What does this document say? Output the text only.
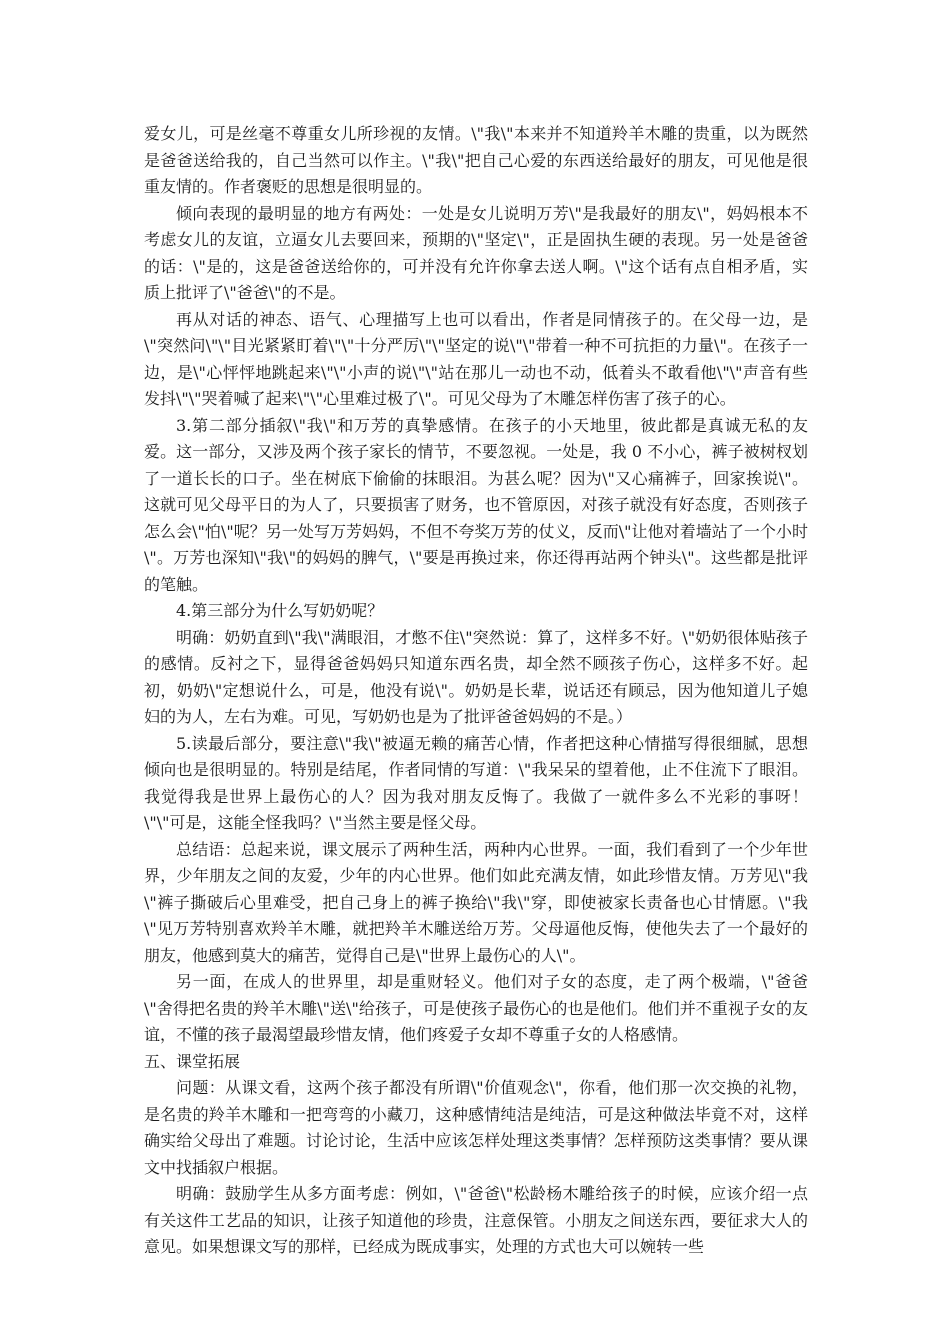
爱女儿，可是丝毫不尊重女儿所珍视的友情。\"我\"本来并不知道羚羊木雕的贵重，以为既然是爸爸送给我的，自己当然可以作主。\"我\"把自己心爱的东西送给最好的朋友，可见他是很重友情的。作者褒贬的思想是很明显的。

倾向表现的最明显的地方有两处：一处是女儿说明万芳\"是我最好的朋友\"，妈妈根本不考虑女儿的友谊，立逼女儿去要回来，预期的\"坚定\"，正是固执生硬的表现。另一处是爸爸的话：\"是的，这是爸爸送给你的，可并没有允许你拿去送人啊。\"这个话有点自相矛盾，实质上批评了\"爸爸\"的不是。

再从对话的神态、语气、心理描写上也可以看出，作者是同情孩子的。在父母一边，是\"突然问\"\"目光紧紧盯着\"\"十分严厉\"\"坚定的说\"\"带着一种不可抗拒的力量\"。在孩子一边，是\"心怦怦地跳起来\"\"小声的说\"\"站在那儿一动也不动，低着头不敢看他\"\"声音有些发抖\"\"哭着喊了起来\"\"心里难过极了\"。可见父母为了木雕怎样伤害了孩子的心。

3.第二部分插叙\"我\"和万芳的真挚感情。在孩子的小天地里，彼此都是真诚无私的友爱。这一部分，又涉及两个孩子家长的情节，不要忽视。一处是，我 0 不小心，裤子被树杈划了一道长长的口子。坐在树底下偷偷的抹眼泪。为甚么呢？因为\"又心痛裤子，回家挨说\"。这就可见父母平日的为人了，只要损害了财务，也不管原因，对孩子就没有好态度，否则孩子怎么会\"怕\"呢？另一处写万芳妈妈，不但不夸奖万芳的仗义，反而\"让他对着墙站了一个小时\"。万芳也深知\"我\"的妈妈的脾气，\"要是再换过来，你还得再站两个钟头\"。这些都是批评的笔触。

4.第三部分为什么写奶奶呢？

明确：奶奶直到\"我\"满眼泪，才憋不住\"突然说：算了，这样多不好。\"奶奶很体贴孩子的感情。反衬之下，显得爸爸妈妈只知道东西名贵，却全然不顾孩子伤心，这样多不好。起初，奶奶\"定想说什么，可是，他没有说\"。奶奶是长辈，说话还有顾忌，因为他知道儿子媳妇的为人，左右为难。可见，写奶奶也是为了批评爸爸妈妈的不是。）

5.读最后部分，要注意\"我\"被逼无赖的痛苦心情，作者把这种心情描写得很细腻，思想倾向也是很明显的。特别是结尾，作者同情的写道：\"我呆呆的望着他，止不住流下了眼泪。我觉得我是世界上最伤心的人？因为我对朋友反悔了。我做了一就件多么不光彩的事呀！\"\"可是，这能全怪我吗？\"当然主要是怪父母。

总结语：总起来说，课文展示了两种生活，两种内心世界。一面，我们看到了一个少年世界，少年朋友之间的友爱，少年的内心世界。他们如此充满友情，如此珍惜友情。万芳见\"我\"裤子撕破后心里难受，把自己身上的裤子换给\"我\"穿，即使被家长责备也心甘情愿。\"我\"见万芳特别喜欢羚羊木雕，就把羚羊木雕送给万芳。父母逼他反悔，使他失去了一个最好的朋友，他感到莫大的痛苦，觉得自己是\"世界上最伤心的人\"。

另一面，在成人的世界里，却是重财轻义。他们对子女的态度，走了两个极端，\"爸爸\"舍得把名贵的羚羊木雕\"送\"给孩子，可是使孩子最伤心的也是他们。他们并不重视子女的友谊，不懂的孩子最渴望最珍惜友情，他们疼爱子女却不尊重子女的人格感情。

五、课堂拓展

问题：从课文看，这两个孩子都没有所谓\"价值观念\"，你看，他们那一次交换的礼物，是名贵的羚羊木雕和一把弯弯的小藏刀，这种感情纯洁是纯洁，可是这种做法毕竟不对，这样确实给父母出了难题。讨论讨论，生活中应该怎样处理这类事情？怎样预防这类事情？要从课文中找插叙户根据。

明确：鼓励学生从多方面考虑：例如，\"爸爸\"松龄杨木雕给孩子的时候，应该介绍一点有关这件工艺品的知识，让孩子知道他的珍贵，注意保管。小朋友之间送东西，要征求大人的意见。如果想课文写的那样，已经成为既成事实，处理的方式也大可以婉转一些
